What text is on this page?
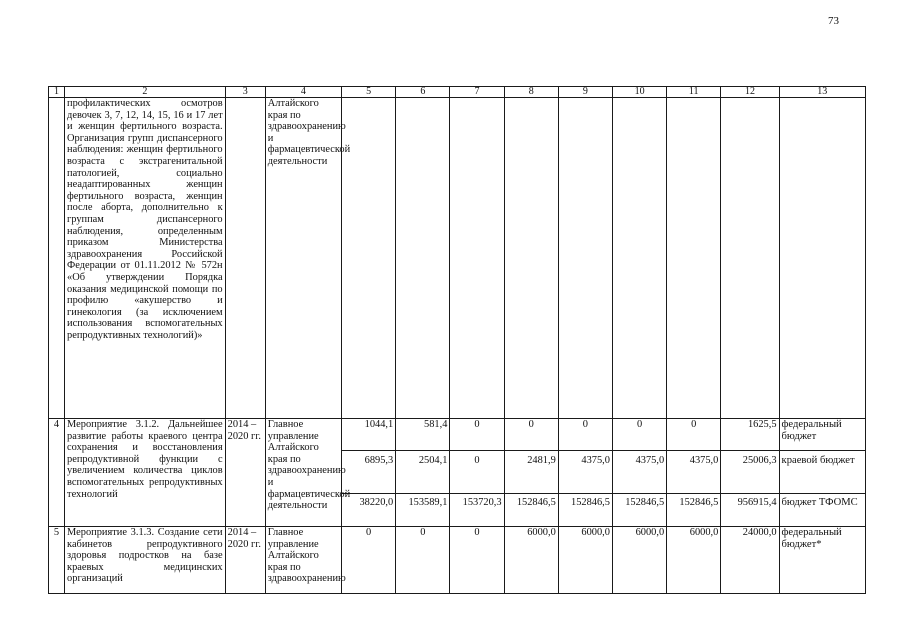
73
1	2	3	4	5	6	7	8	9	10	11	12	13
	профилактических осмотров девочек 3, 7, 12, 14, 15, 16 и 17 лет и женщин фертильного возраста. Организация групп диспансерного наблюдения: женщин фертильного возраста с экстрагенитальной патологией, социально неадаптированных женщин фертильного возраста, женщин после аборта, дополнительно к группам диспансерного наблюдения, определенным приказом Министерства здравоохранения Российской Федерации от 01.11.2012 № 572н «Об утверждении Порядка оказания медицинской помощи по профилю «акушерство и гинекология (за исключением использования вспомогательных репродуктивных технологий)»		Алтайского края по здравоохранению и фармацевтической деятельности									
4	Мероприятие 3.1.2. Дальнейшее развитие работы краевого центра сохранения и восстановления репродуктивной функции с увеличением количества циклов вспомогательных репродуктивных технологий	2014 – 2020 гг.	Главное управление Алтайского края по здравоохранению и фармацевтической деятельности	1044,1	581,4	0	0	0	0	0	1625,5	федеральный бюджет
				6895,3	2504,1	0	2481,9	4375,0	4375,0	4375,0	25006,3	краевой бюджет
				38220,0	153589,1	153720,3	152846,5	152846,5	152846,5	152846,5	956915,4	бюджет ТФОМС
5	Мероприятие 3.1.3. Создание сети кабинетов репродуктивного здоровья подростков на базе краевых медицинских организаций	2014 – 2020 гг.	Главное управление Алтайского края по здравоохранению	0	0	0	6000,0	6000,0	6000,0	6000,0	24000,0	федеральный бюджет*
